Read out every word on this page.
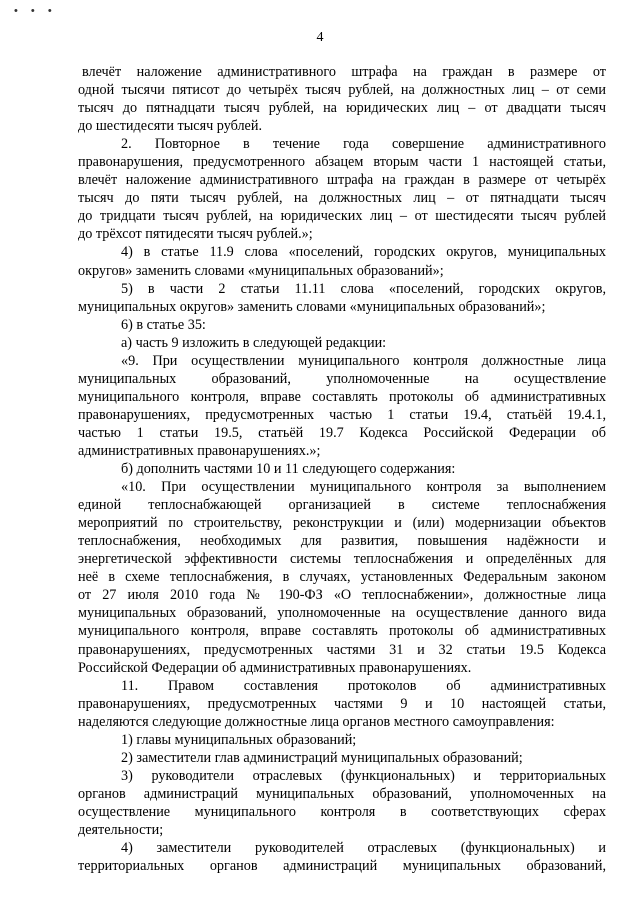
• • •
4
влечёт наложение административного штрафа на граждан в размере от
одной тысячи пятисот до четырёх тысяч рублей, на должностных лиц – от семи
тысяч до пятнадцати тысяч рублей, на юридических лиц – от двадцати тысяч
до шестидесяти тысяч рублей.
2. Повторное в течение года совершение административного
правонарушения, предусмотренного абзацем вторым части 1 настоящей статьи,
влечёт наложение административного штрафа на граждан в размере от четырёх
тысяч до пяти тысяч рублей, на должностных лиц – от пятнадцати тысяч
до тридцати тысяч рублей, на юридических лиц – от шестидесяти тысяч рублей
до трёхсот пятидесяти тысяч рублей.»;
4) в статье 11.9 слова «поселений, городских округов, муниципальных
округов» заменить словами «муниципальных образований»;
5) в части 2 статьи 11.11 слова «поселений, городских округов,
муниципальных округов» заменить словами «муниципальных образований»;
6) в статье 35:
а) часть 9 изложить в следующей редакции:
«9. При осуществлении муниципального контроля должностные лица
муниципальных образований, уполномоченные на осуществление
муниципального контроля, вправе составлять протоколы об административных
правонарушениях, предусмотренных частью 1 статьи 19.4, статьёй 19.4.1,
частью 1 статьи 19.5, статьёй 19.7 Кодекса Российской Федерации об
административных правонарушениях.»;
б) дополнить частями 10 и 11 следующего содержания:
«10. При осуществлении муниципального контроля за выполнением
единой теплоснабжающей организацией в системе теплоснабжения
мероприятий по строительству, реконструкции и (или) модернизации объектов
теплоснабжения, необходимых для развития, повышения надёжности и
энергетической эффективности системы теплоснабжения и определённых для
неё в схеме теплоснабжения, в случаях, установленных Федеральным законом
от 27 июля 2010 года № 190-ФЗ «О теплоснабжении», должностные лица
муниципальных образований, уполномоченные на осуществление данного вида
муниципального контроля, вправе составлять протоколы об административных
правонарушениях, предусмотренных частями 31 и 32 статьи 19.5 Кодекса
Российской Федерации об административных правонарушениях.
11. Правом составления протоколов об административных
правонарушениях, предусмотренных частями 9 и 10 настоящей статьи,
наделяются следующие должностные лица органов местного самоуправления:
1) главы муниципальных образований;
2) заместители глав администраций муниципальных образований;
3) руководители отраслевых (функциональных) и территориальных
органов администраций муниципальных образований, уполномоченных на
осуществление муниципального контроля в соответствующих сферах
деятельности;
4) заместители руководителей отраслевых (функциональных) и
территориальных органов администраций муниципальных образований,
